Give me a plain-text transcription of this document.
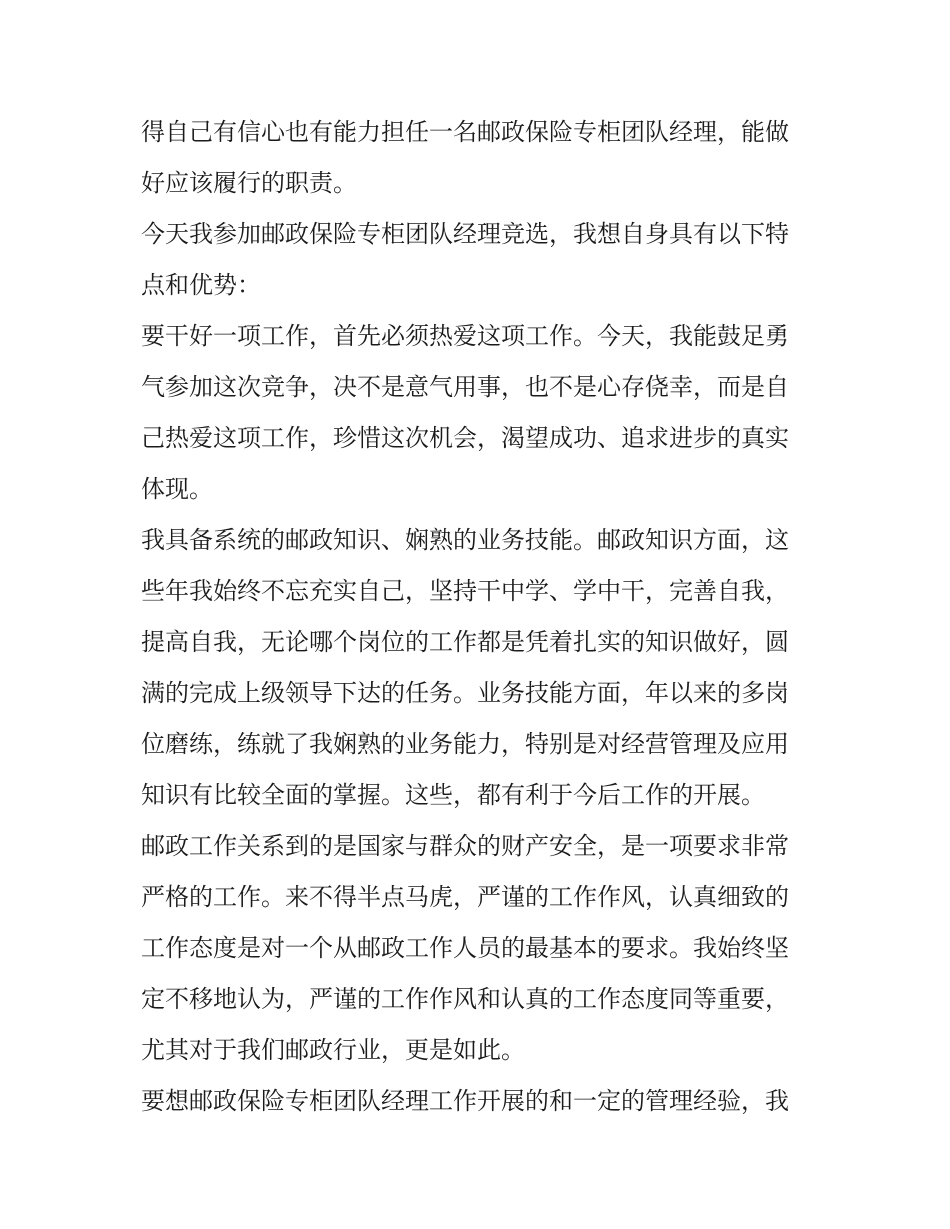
得自己有信心也有能力担任一名邮政保险专柜团队经理，能做
好应该履行的职责。
今天我参加邮政保险专柜团队经理竞选，我想自身具有以下特
点和优势：
要干好一项工作，首先必须热爱这项工作。今天，我能鼓足勇
气参加这次竞争，决不是意气用事，也不是心存侥幸，而是自
己热爱这项工作，珍惜这次机会，渴望成功、追求进步的真实
体现。
我具备系统的邮政知识、娴熟的业务技能。邮政知识方面，这
些年我始终不忘充实自己，坚持干中学、学中干，完善自我，
提高自我，无论哪个岗位的工作都是凭着扎实的知识做好，圆
满的完成上级领导下达的任务。业务技能方面，年以来的多岗
位磨练，练就了我娴熟的业务能力，特别是对经营管理及应用
知识有比较全面的掌握。这些，都有利于今后工作的开展。
邮政工作关系到的是国家与群众的财产安全，是一项要求非常
严格的工作。来不得半点马虎，严谨的工作作风，认真细致的
工作态度是对一个从邮政工作人员的最基本的要求。我始终坚
定不移地认为，严谨的工作作风和认真的工作态度同等重要，
尤其对于我们邮政行业，更是如此。
要想邮政保险专柜团队经理工作开展的和一定的管理经验，我
